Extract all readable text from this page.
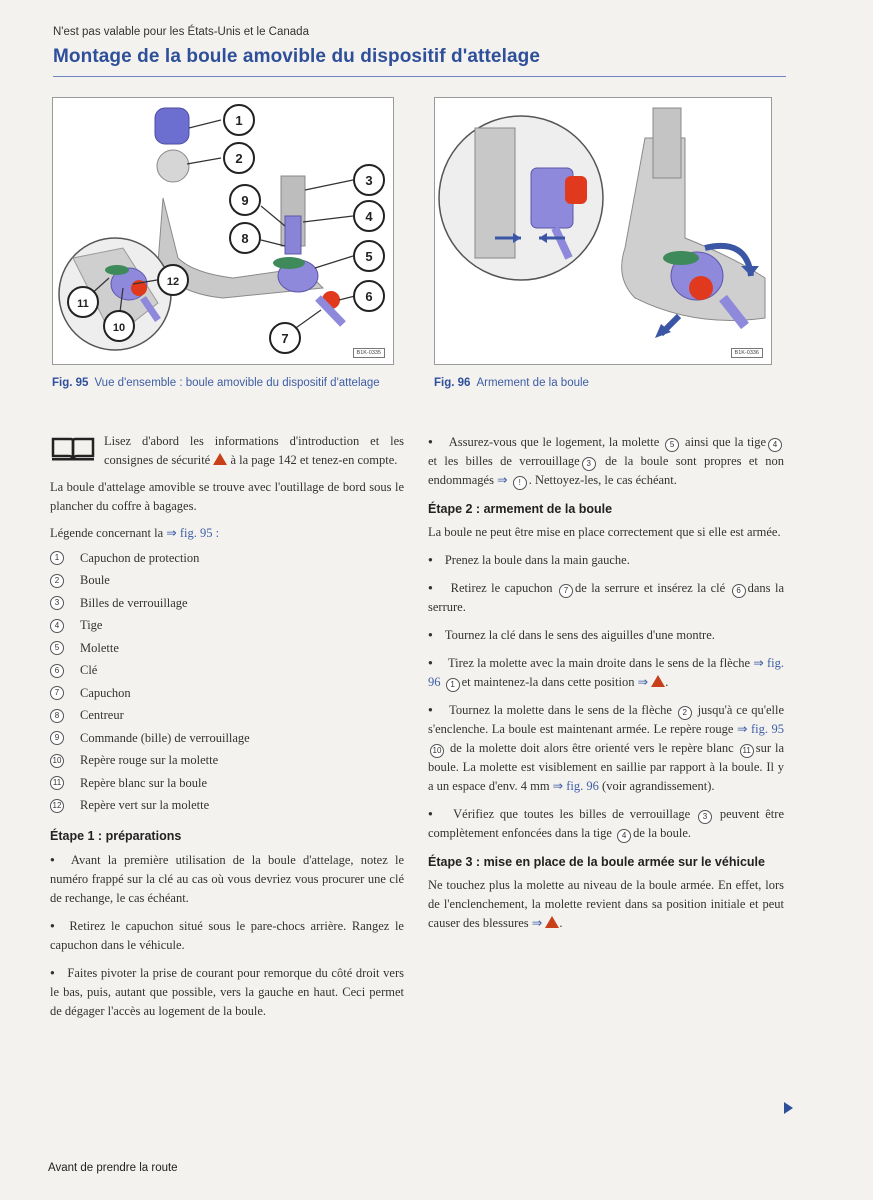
N'est pas valable pour les États-Unis et le Canada
Montage de la boule amovible du dispositif d'attelage
1
2
3
4
5
6
7
8
9
10
11
12
B1K-0335	B1K-0336
Fig. 95 Vue d'ensemble : boule amovible du dispositif d'attelage	Fig. 96 Armement de la boule
Lisez d'abord les informations d'introduction et les consignes de sécurité à la page 142 et tenez-en compte.

La boule d'attelage amovible se trouve avec l'outillage de bord sous le plancher du coffre à bagages.

Légende concernant la ⇒ fig. 95 :

1	Capuchon de protection
2	Boule
3	Billes de verrouillage
4	Tige
5	Molette
6	Clé
7	Capuchon
8	Centreur
9	Commande (bille) de verrouillage
10 Repère rouge sur la molette
11 Repère blanc sur la boule
12 Repère vert sur la molette
Étape 1 : préparations

● Avant la première utilisation de la boule d'attelage, notez le numéro frappé sur la clé au cas où vous devriez vous procurer une clé de rechange, le cas échéant.

● Retirez le capuchon situé sous le pare-chocs arrière. Rangez le capuchon dans le véhicule.

● Faites pivoter la prise de courant pour remorque du côté droit vers le bas, puis, autant que possible, vers la gauche en haut. Ceci permet de dégager l'accès au logement de la boule.

● Assurez-vous que le logement, la molette 5 ainsi que la tige 4et les billes de verrouillage 3 de la boule sont propres et non endommagés ⇒ ! . Nettoyez-les, le cas échéant.

Étape 2 : armement de la boule

La boule ne peut être mise en place correctement que si elle est armée.

● Prenez la boule dans la main gauche.

● Retirez le capuchon 7 de la serrure et insérez la clé 6 dans la serrure.

● Tournez la clé dans le sens des aiguilles d'une montre.

● Tirez la molette avec la main droite dans le sens de la flèche ⇒ fig. 96 1 et maintenez-la dans cette position ⇒ .

● Tournez la molette dans le sens de la flèche 2 jusqu'à ce qu'elle s'enclenche. La boule est maintenant armée. Le repère rouge ⇒ fig. 95 10 de la molette doit alors être orienté vers le repère blanc 11 sur la boule. La molette est visiblement en saillie par rapport à la boule. Il y a un espace d'env. 4 mm ⇒ fig. 96 (voir agrandissement).

● Vérifiez que toutes les billes de verrouillage 3 peuvent être complètement enfoncées dans la tige 4 de la boule.

Étape 3 : mise en place de la boule armée sur le véhicule

Ne touchez plus la molette au niveau de la boule armée. En effet, lors de l'enclenchement, la molette revient dans sa position initiale et peut causer des blessures ⇒ .

Avant de prendre la route
